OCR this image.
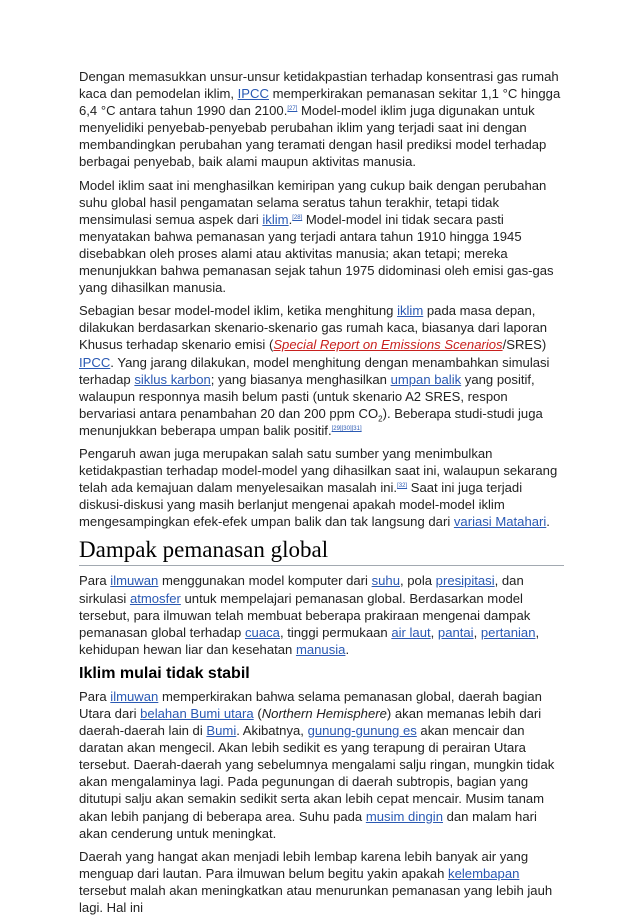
Dengan memasukkan unsur-unsur ketidakpastian terhadap konsentrasi gas rumah kaca dan pemodelan iklim, IPCC memperkirakan pemanasan sekitar 1,1 °C hingga 6,4 °C antara tahun 1990 dan 2100.[27] Model-model iklim juga digunakan untuk menyelidiki penyebab-penyebab perubahan iklim yang terjadi saat ini dengan membandingkan perubahan yang teramati dengan hasil prediksi model terhadap berbagai penyebab, baik alami maupun aktivitas manusia.

Model iklim saat ini menghasilkan kemiripan yang cukup baik dengan perubahan suhu global hasil pengamatan selama seratus tahun terakhir, tetapi tidak mensimulasi semua aspek dari iklim.[28] Model-model ini tidak secara pasti menyatakan bahwa pemanasan yang terjadi antara tahun 1910 hingga 1945 disebabkan oleh proses alami atau aktivitas manusia; akan tetapi; mereka menunjukkan bahwa pemanasan sejak tahun 1975 didominasi oleh emisi gas-gas yang dihasilkan manusia.

Sebagian besar model-model iklim, ketika menghitung iklim pada masa depan, dilakukan berdasarkan skenario-skenario gas rumah kaca, biasanya dari laporan Khusus terhadap skenario emisi (Special Report on Emissions Scenarios/SRES) IPCC. Yang jarang dilakukan, model menghitung dengan menambahkan simulasi terhadap siklus karbon; yang biasanya menghasilkan umpan balik yang positif, walaupun responnya masih belum pasti (untuk skenario A2 SRES, respon bervariasi antara penambahan 20 dan 200 ppm $CO_2$). Beberapa studi-studi juga menunjukkan beberapa umpan balik positif.[29][30][31]

Pengaruh awan juga merupakan salah satu sumber yang menimbulkan ketidakpastian terhadap model-model yang dihasilkan saat ini, walaupun sekarang telah ada kemajuan dalam menyelesaikan masalah ini.[32] Saat ini juga terjadi diskusi-diskusi yang masih berlanjut mengenai apakah model-model iklim mengesampingkan efek-efek umpan balik dan tak langsung dari variasi Matahari.

Dampak pemanasan global

Para ilmuwan menggunakan model komputer dari suhu, pola presipitasi, dan sirkulasi atmosfer untuk mempelajari pemanasan global. Berdasarkan model tersebut, para ilmuwan telah membuat beberapa prakiraan mengenai dampak pemanasan global terhadap cuaca, tinggi permukaan air laut, pantai, pertanian, kehidupan hewan liar dan kesehatan manusia.

Iklim mulai tidak stabil

Para ilmuwan memperkirakan bahwa selama pemanasan global, daerah bagian Utara dari belahan Bumi utara (Northern Hemisphere) akan memanas lebih dari daerah-daerah lain di Bumi. Akibatnya, gunung-gunung es akan mencair dan daratan akan mengecil. Akan lebih sedikit es yang terapung di perairan Utara tersebut. Daerah-daerah yang sebelumnya mengalami salju ringan, mungkin tidak akan mengalaminya lagi. Pada pegunungan di daerah subtropis, bagian yang ditutupi salju akan semakin sedikit serta akan lebih cepat mencair. Musim tanam akan lebih panjang di beberapa area. Suhu pada musim dingin dan malam hari akan cenderung untuk meningkat.

Daerah yang hangat akan menjadi lebih lembap karena lebih banyak air yang menguap dari lautan. Para ilmuwan belum begitu yakin apakah kelembapan tersebut malah akan meningkatkan atau menurunkan pemanasan yang lebih jauh lagi. Hal ini
